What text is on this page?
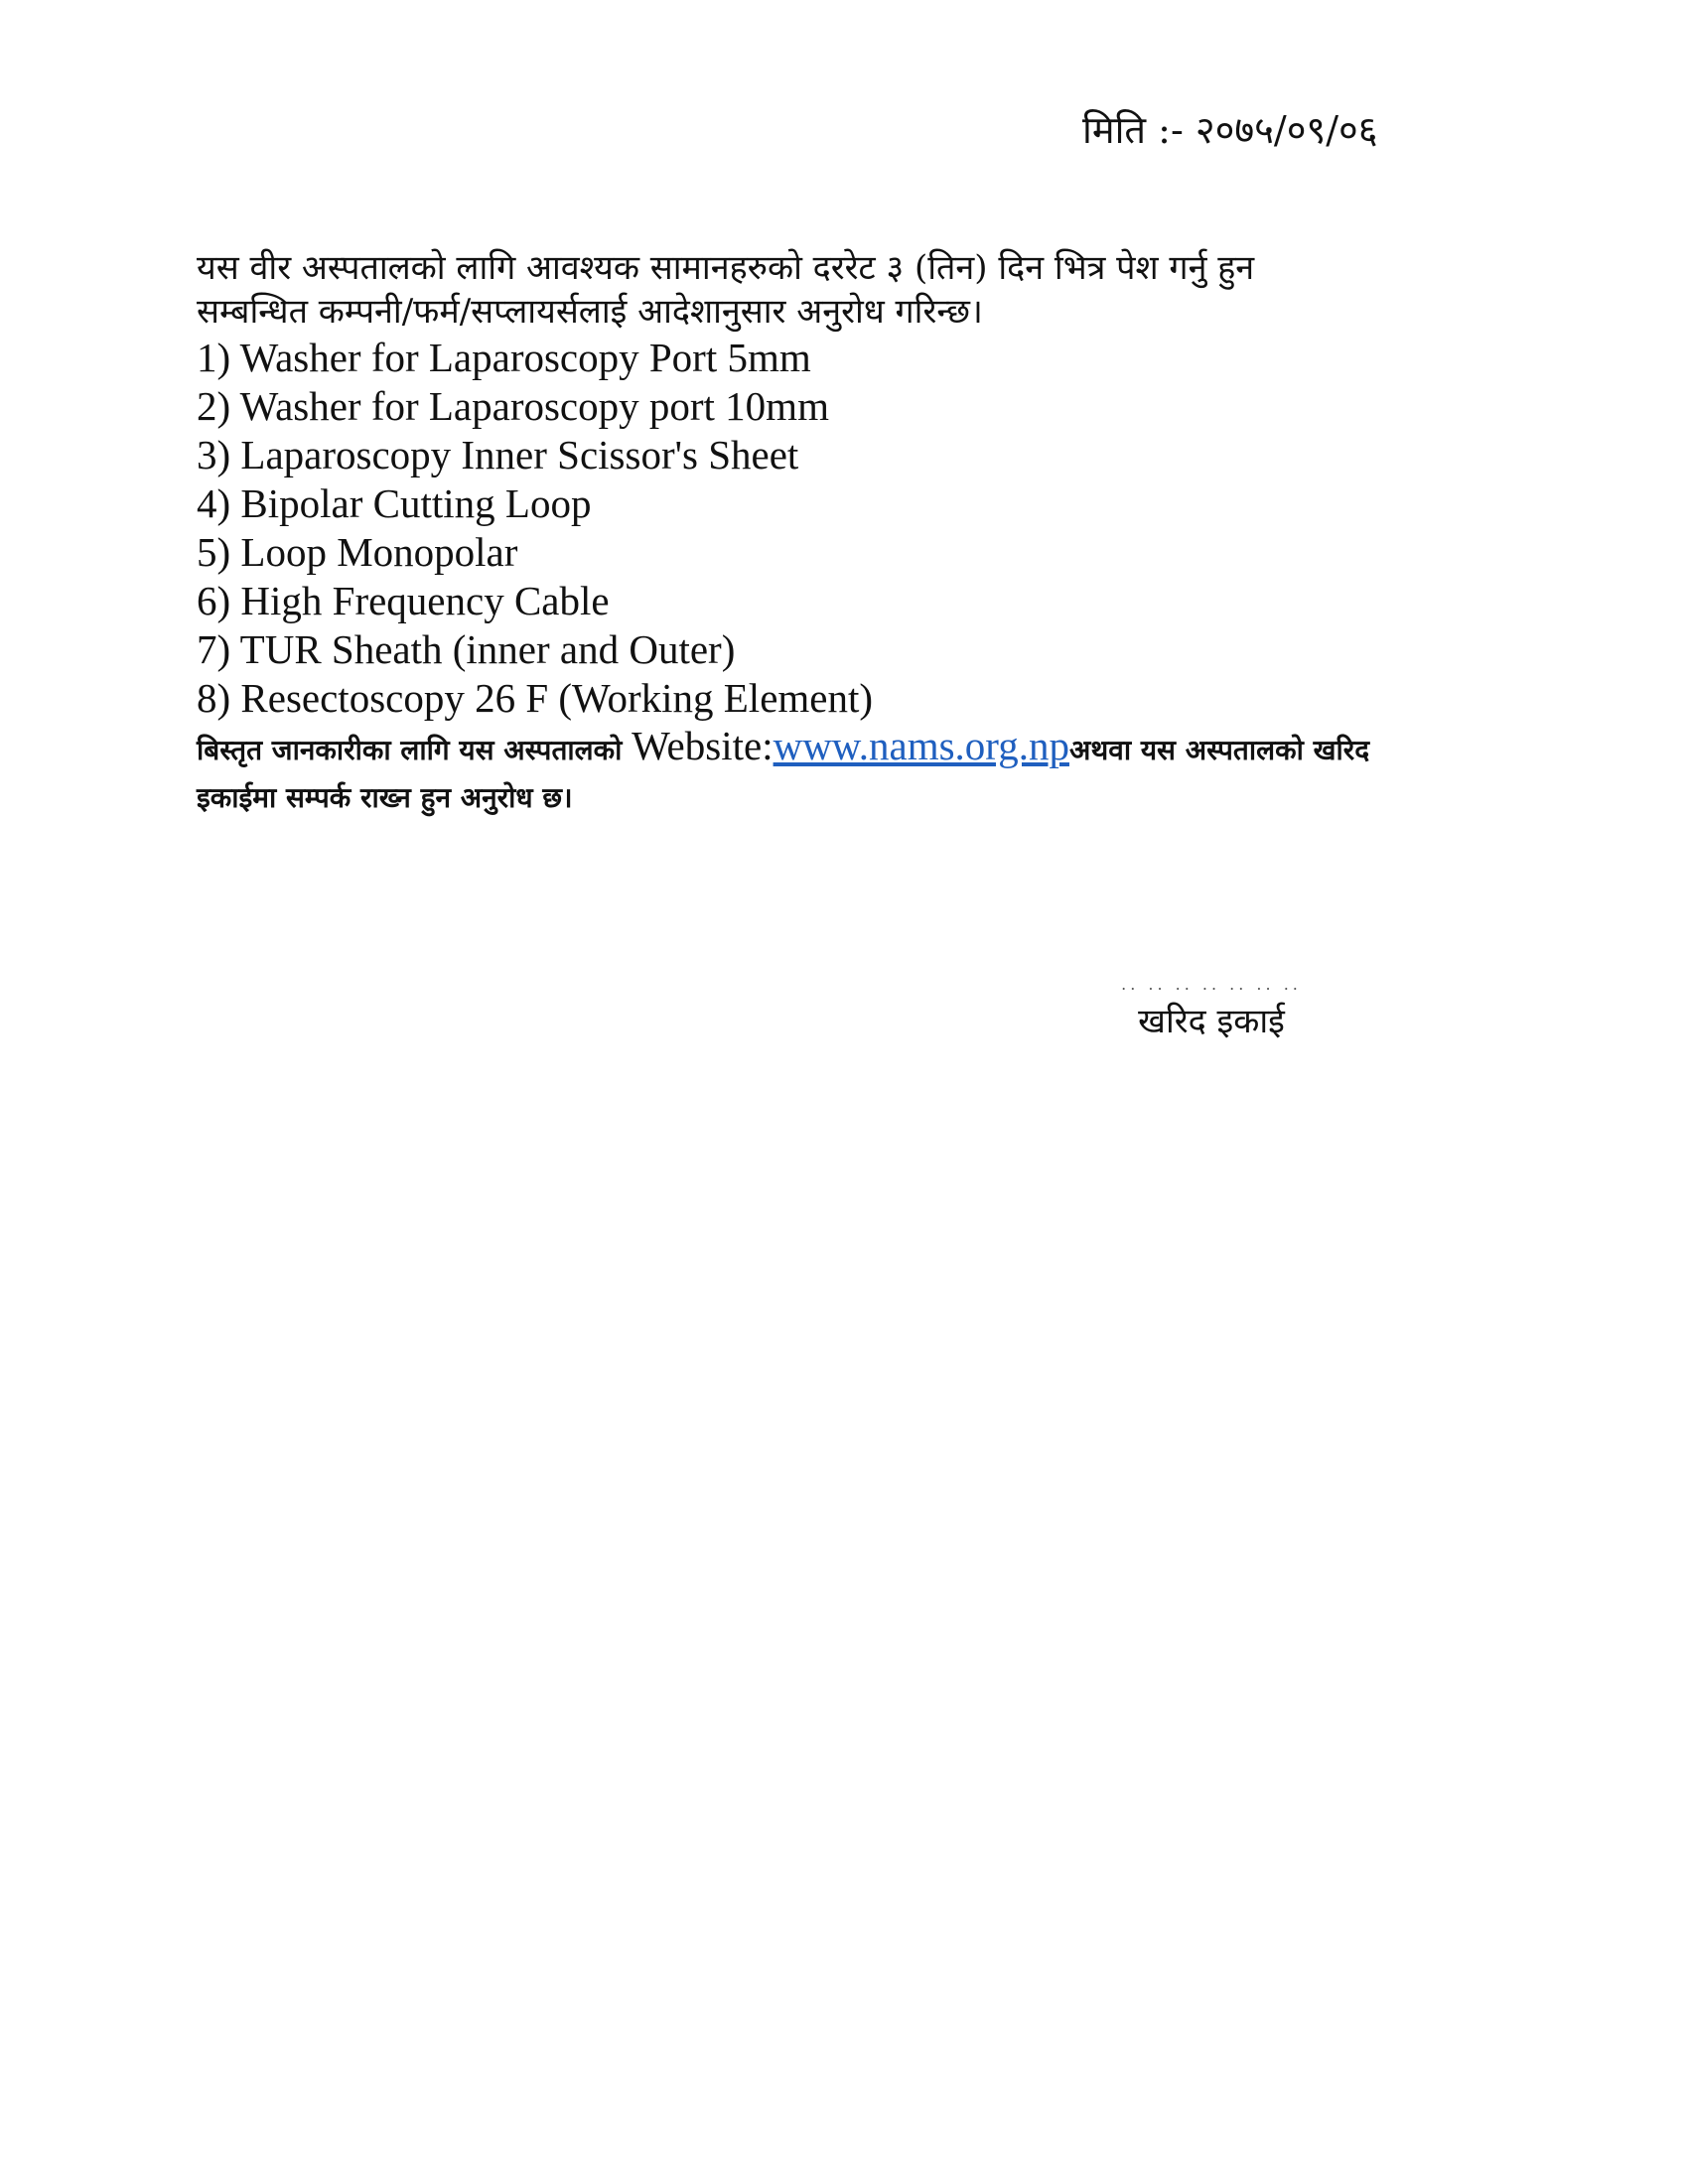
मिति :- २०७५/०९/०६

यस वीर अस्पतालको लागि आवश्यक सामानहरुको दररेट ३ (तिन) दिन भित्र पेश गर्नु हुन

सम्बन्धित कम्पनी/फर्म/सप्लायर्सलाई आदेशानुसार अनुरोध गरिन्छ।

1) Washer for Laparoscopy Port 5mm
2) Washer for Laparoscopy port 10mm
3) Laparoscopy Inner Scissor's Sheet
4) Bipolar Cutting Loop
5) Loop Monopolar
6) High Frequency Cable
7) TUR Sheath (inner and Outer)
8) Resectoscopy 26 F (Working Element)

बिस्तृत जानकारीका लागि यस अस्पतालको Website:www.nams.org.npअथवा यस अस्पतालको खरिद

इकाईमा सम्पर्क राख्न हुन अनुरोध छ।

.. .. .. .. .. .. ..
खरिद इकाई
